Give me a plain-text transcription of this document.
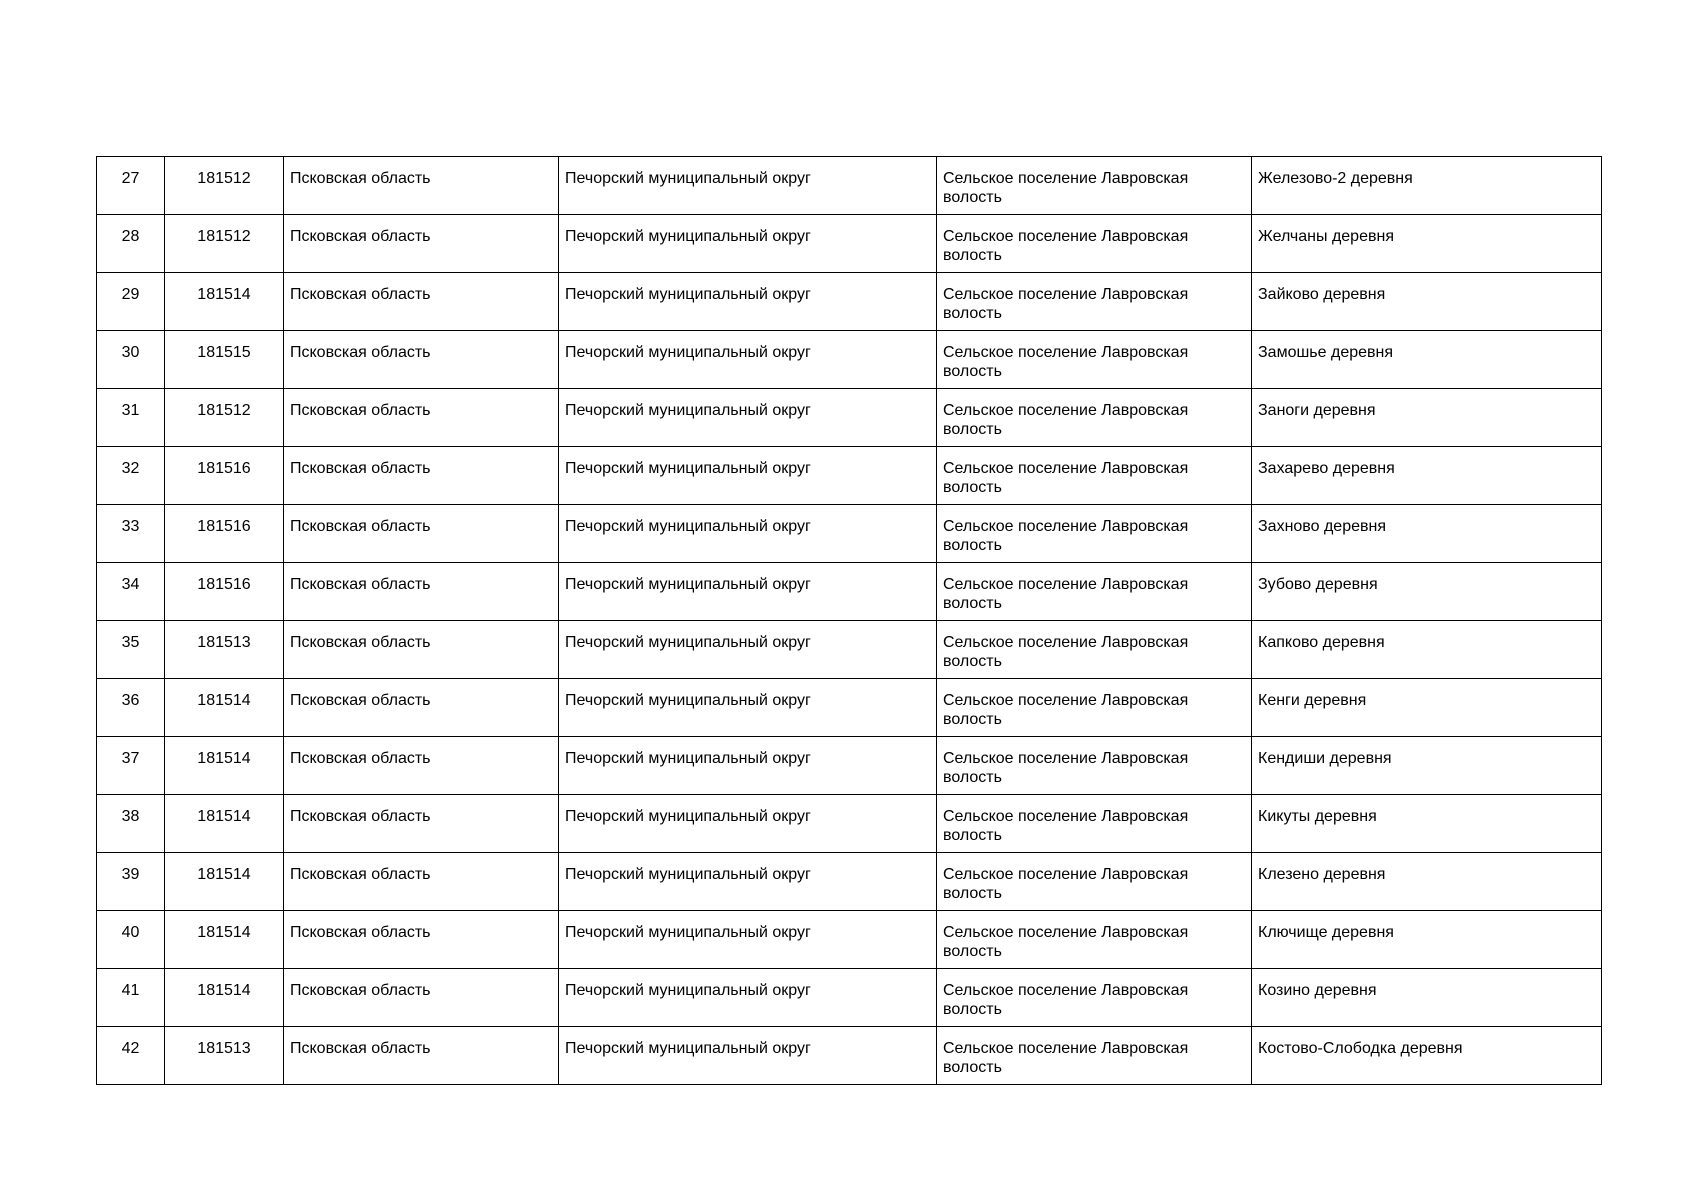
27	181512	Псковская область	Печорский муниципальный округ	Сельское поселение Лавровская волость	Железово-2 деревня
28	181512	Псковская область	Печорский муниципальный округ	Сельское поселение Лавровская волость	Желчаны деревня
29	181514	Псковская область	Печорский муниципальный округ	Сельское поселение Лавровская волость	Зайково деревня
30	181515	Псковская область	Печорский муниципальный округ	Сельское поселение Лавровская волость	Замошье деревня
31	181512	Псковская область	Печорский муниципальный округ	Сельское поселение Лавровская волость	Заноги деревня
32	181516	Псковская область	Печорский муниципальный округ	Сельское поселение Лавровская волость	Захарево деревня
33	181516	Псковская область	Печорский муниципальный округ	Сельское поселение Лавровская волость	Захново деревня
34	181516	Псковская область	Печорский муниципальный округ	Сельское поселение Лавровская волость	Зубово деревня
35	181513	Псковская область	Печорский муниципальный округ	Сельское поселение Лавровская волость	Капково деревня
36	181514	Псковская область	Печорский муниципальный округ	Сельское поселение Лавровская волость	Кенги деревня
37	181514	Псковская область	Печорский муниципальный округ	Сельское поселение Лавровская волость	Кендиши деревня
38	181514	Псковская область	Печорский муниципальный округ	Сельское поселение Лавровская волость	Кикуты деревня
39	181514	Псковская область	Печорский муниципальный округ	Сельское поселение Лавровская волость	Клезено деревня
40	181514	Псковская область	Печорский муниципальный округ	Сельское поселение Лавровская волость	Ключище деревня
41	181514	Псковская область	Печорский муниципальный округ	Сельское поселение Лавровская волость	Козино деревня
42	181513	Псковская область	Печорский муниципальный округ	Сельское поселение Лавровская волость	Костово-Слободка деревня
